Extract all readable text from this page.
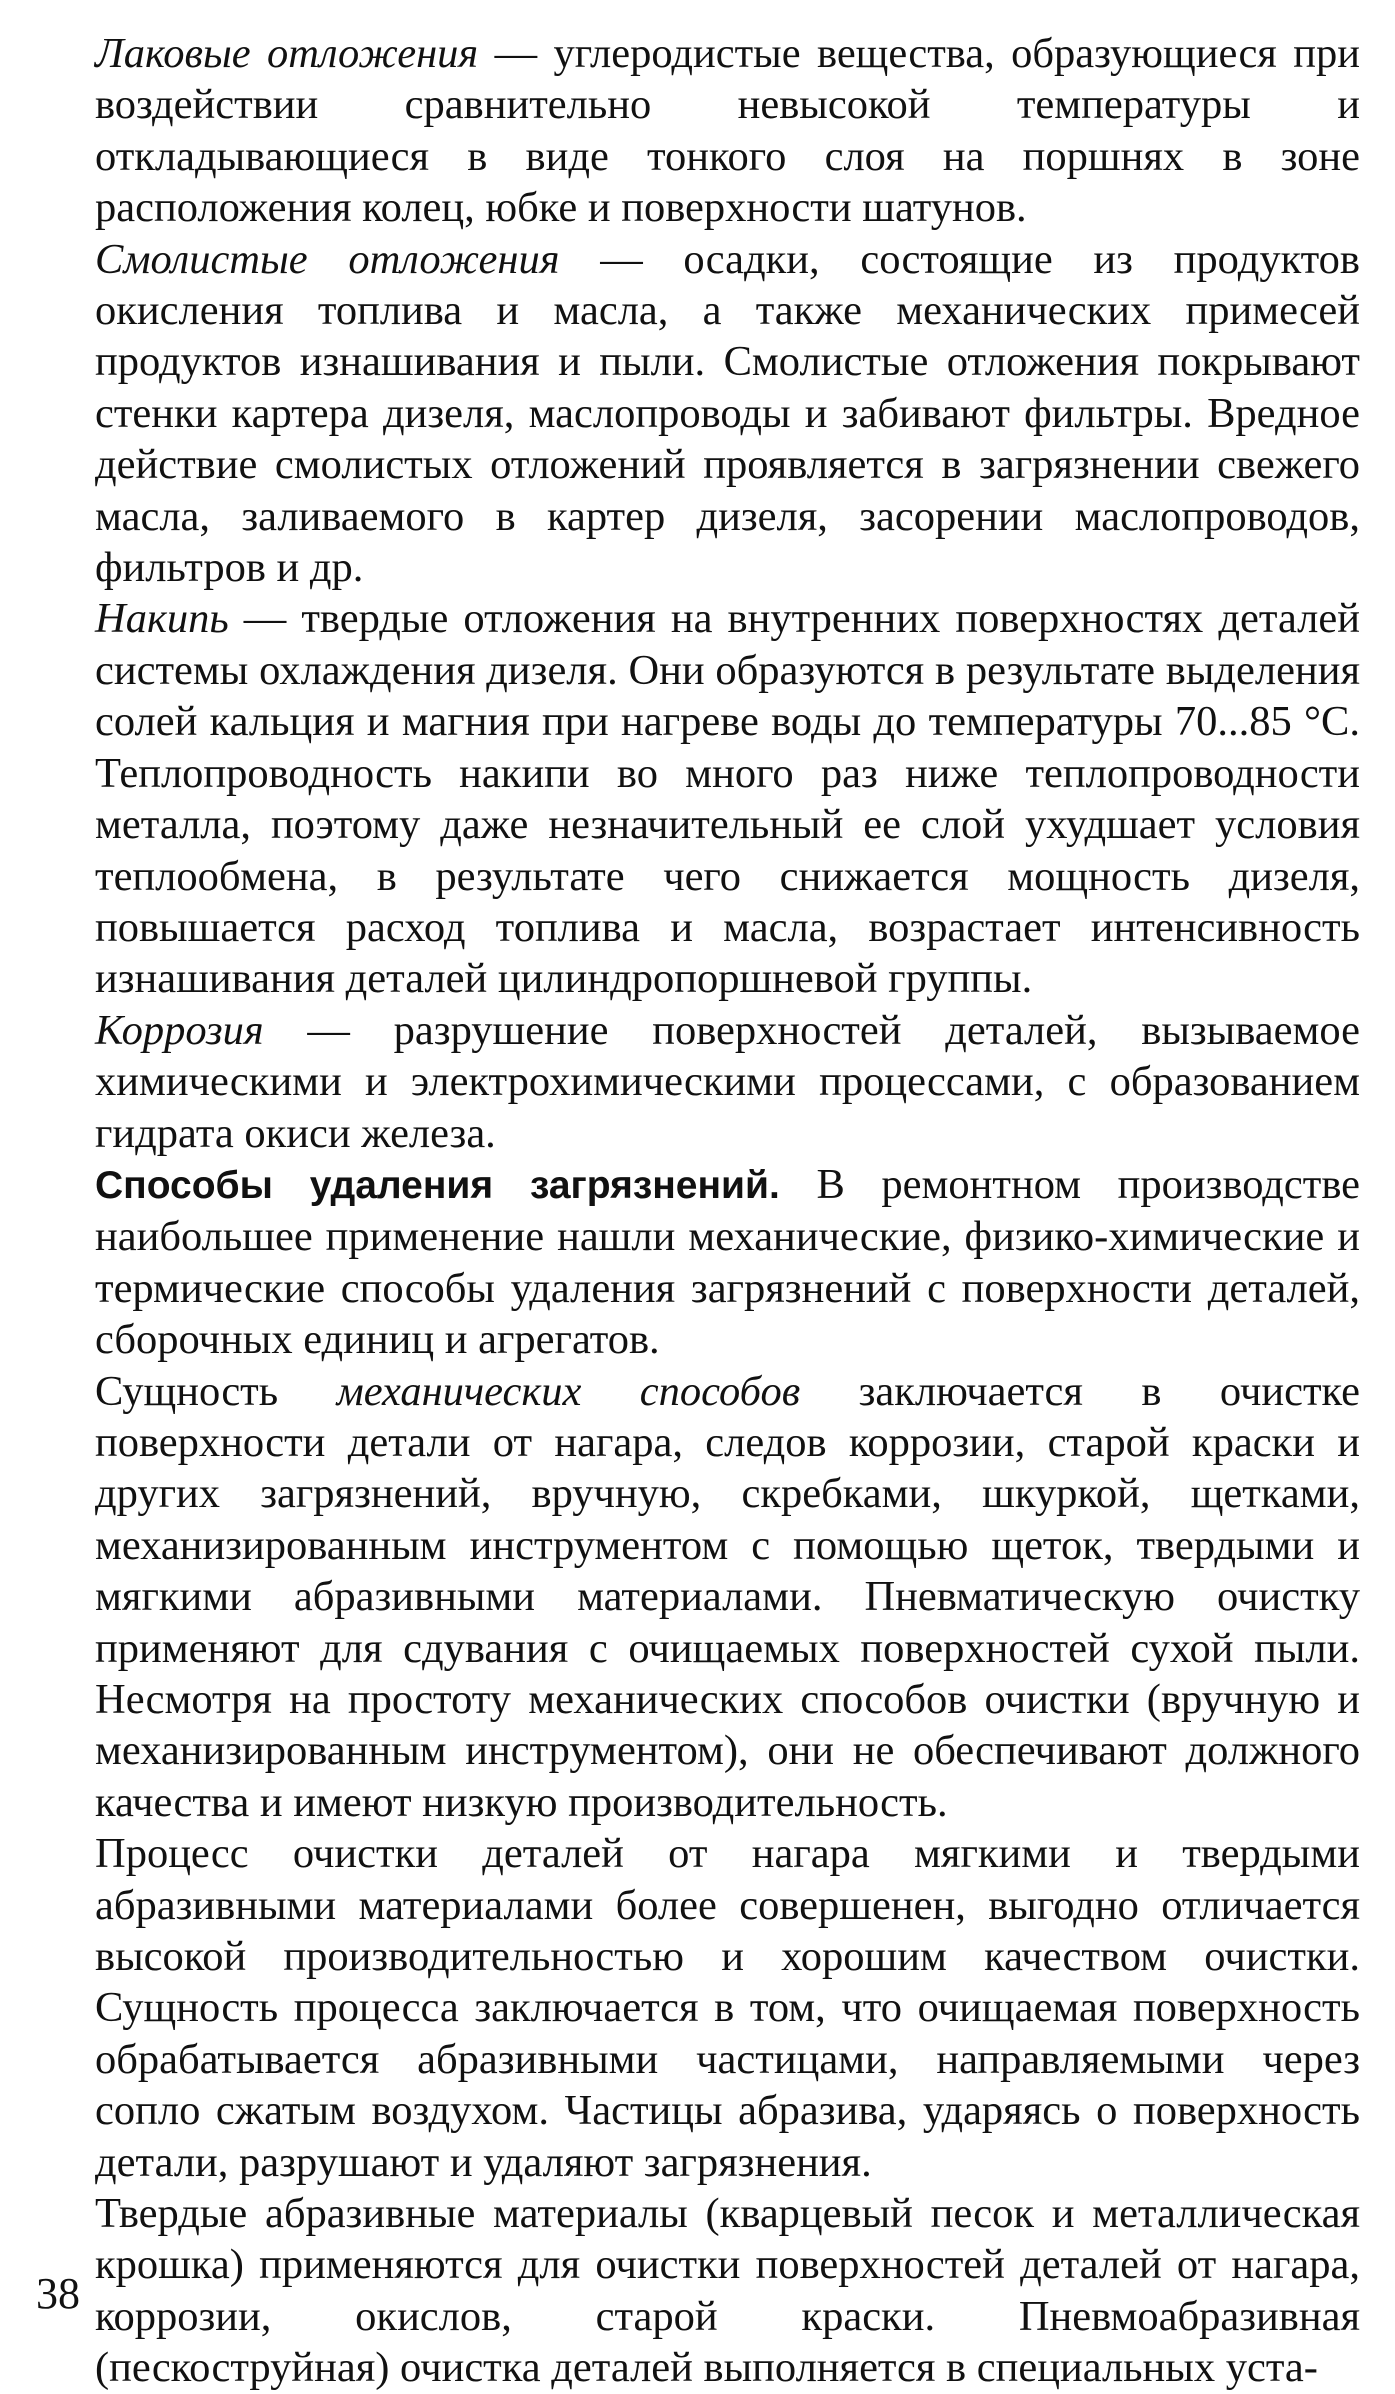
Лаковые отложения — углеродистые вещества, образующиеся при воздействии сравнительно невысокой температуры и откладывающиеся в виде тонкого слоя на поршнях в зоне расположения колец, юбке и поверхности шатунов.

Смолистые отложения — осадки, состоящие из продуктов окисления топлива и масла, а также механических примесей продуктов изнашивания и пыли. Смолистые отложения покрывают стенки картера дизеля, маслопроводы и забивают фильтры. Вредное действие смолистых отложений проявляется в загрязнении свежего масла, заливаемого в картер дизеля, засорении маслопроводов, фильтров и др.

Накипь — твердые отложения на внутренних поверхностях деталей системы охлаждения дизеля. Они образуются в результате выделения солей кальция и магния при нагреве воды до температуры 70...85 °C. Теплопроводность накипи во много раз ниже теплопроводности металла, поэтому даже незначительный ее слой ухудшает условия теплообмена, в результате чего снижается мощность дизеля, повышается расход топлива и масла, возрастает интенсивность изнашивания деталей цилиндропоршневой группы.

Коррозия — разрушение поверхностей деталей, вызываемое химическими и электрохимическими процессами, с образованием гидрата окиси железа.

Способы удаления загрязнений. В ремонтном производстве наибольшее применение нашли механические, физико-химические и термические способы удаления загрязнений с поверхности деталей, сборочных единиц и агрегатов.

Сущность механических способов заключается в очистке поверхности детали от нагара, следов коррозии, старой краски и других загрязнений, вручную, скребками, шкуркой, щетками, механизированным инструментом с помощью щеток, твердыми и мягкими абразивными материалами. Пневматическую очистку применяют для сдувания с очищаемых поверхностей сухой пыли. Несмотря на простоту механических способов очистки (вручную и механизированным инструментом), они не обеспечивают должного качества и имеют низкую производительность.

Процесс очистки деталей от нагара мягкими и твердыми абразивными материалами более совершенен, выгодно отличается высокой производительностью и хорошим качеством очистки. Сущность процесса заключается в том, что очищаемая поверхность обрабатывается абразивными частицами, направляемыми через сопло сжатым воздухом. Частицы абразива, ударяясь о поверхность детали, разрушают и удаляют загрязнения.

Твердые абразивные материалы (кварцевый песок и металлическая крошка) применяются для очистки поверхностей деталей от нагара, коррозии, окислов, старой краски. Пневмоабразивная (пескоструйная) очистка деталей выполняется в специальных уста-

38
